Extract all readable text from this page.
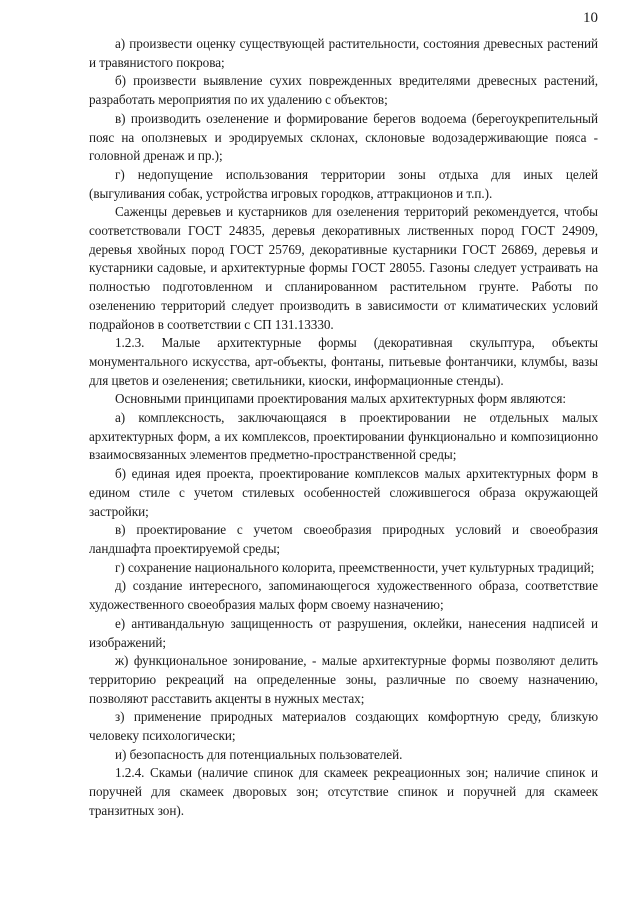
10

а) произвести оценку существующей растительности, состояния древесных растений и травянистого покрова;

б) произвести выявление сухих поврежденных вредителями древесных растений, разработать мероприятия по их удалению с объектов;

в) производить озеленение и формирование берегов водоема (берегоукрепительный пояс на оползневых и эродируемых склонах, склоновые водозадерживающие пояса - головной дренаж и пр.);

г) недопущение использования территории зоны отдыха для иных целей (выгуливания собак, устройства игровых городков, аттракционов и т.п.).

Саженцы деревьев и кустарников для озеленения территорий рекомендуется, чтобы соответствовали ГОСТ 24835, деревья декоративных лиственных пород ГОСТ 24909, деревья хвойных пород ГОСТ 25769, декоративные кустарники ГОСТ 26869, деревья и кустарники садовые, и архитектурные формы ГОСТ 28055. Газоны следует устраивать на полностью подготовленном и спланированном растительном грунте. Работы по озеленению территорий следует производить в зависимости от климатических условий подрайонов в соответствии с СП 131.13330.

1.2.3. Малые архитектурные формы (декоративная скульптура, объекты монументального искусства, арт-объекты, фонтаны, питьевые фонтанчики, клумбы, вазы для цветов и озеленения; светильники, киоски, информационные стенды).

Основными принципами проектирования малых архитектурных форм являются:

а) комплексность, заключающаяся в проектировании не отдельных малых архитектурных форм, а их комплексов, проектировании функционально и композиционно взаимосвязанных элементов предметно-пространственной среды;

б) единая идея проекта, проектирование комплексов малых архитектурных форм в едином стиле с учетом стилевых особенностей сложившегося образа окружающей застройки;

в) проектирование с учетом своеобразия природных условий и своеобразия ландшафта проектируемой среды;

г) сохранение национального колорита, преемственности, учет культурных традиций;

д) создание интересного, запоминающегося художественного образа, соответствие художественного своеобразия малых форм своему назначению;

е) антивандальную защищенность от разрушения, оклейки, нанесения надписей и изображений;

ж) функциональное зонирование, - малые архитектурные формы позволяют делить территорию рекреаций на определенные зоны, различные по своему назначению, позволяют расставить акценты в нужных местах;

з) применение природных материалов создающих комфортную среду, близкую человеку психологически;

и) безопасность для потенциальных пользователей.

1.2.4. Скамьи (наличие спинок для скамеек рекреационных зон; наличие спинок и поручней для скамеек дворовых зон; отсутствие спинок и поручней для скамеек транзитных зон).
